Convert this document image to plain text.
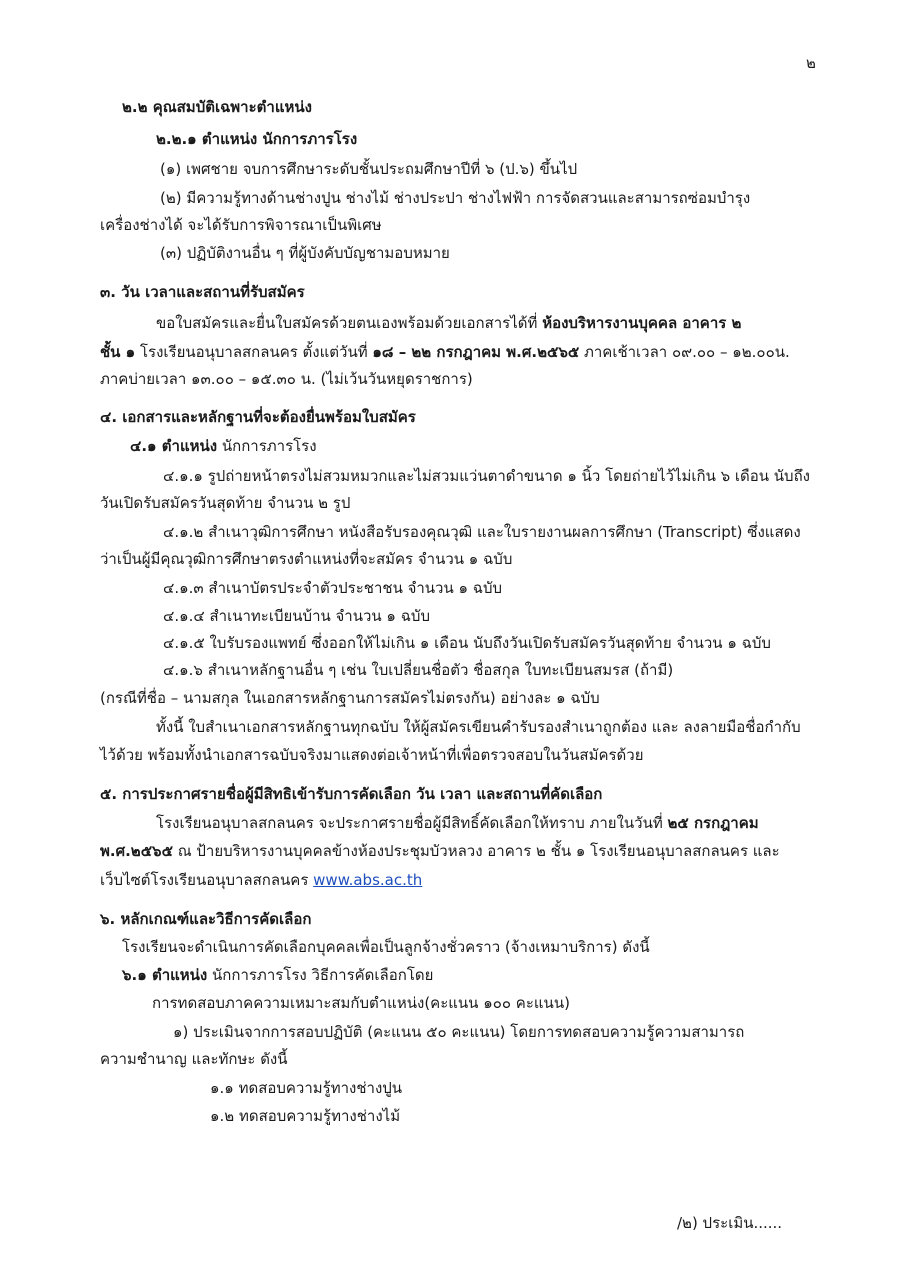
๒

๒.๒ คุณสมบัติเฉพาะตำแหน่ง

๒.๒.๑ ตำแหน่ง นักการภารโรง

(๑) เพศชาย จบการศึกษาระดับชั้นประถมศึกษาปีที่ ๖ (ป.๖) ขึ้นไป

(๒) มีความรู้ทางด้านช่างปูน ช่างไม้ ช่างประปา ช่างไฟฟ้า การจัดสวนและสามารถซ่อมบำรุง

เครื่องช่างได้ จะได้รับการพิจารณาเป็นพิเศษ

(๓) ปฏิบัติงานอื่น ๆ ที่ผู้บังคับบัญชามอบหมาย

๓. วัน เวลาและสถานที่รับสมัคร

ขอใบสมัครและยื่นใบสมัครด้วยตนเองพร้อมด้วยเอกสารได้ที่ ห้องบริหารงานบุคคล อาคาร ๒

ชั้น ๑ โรงเรียนอนุบาลสกลนคร ตั้งแต่วันที่ ๑๘ – ๒๒ กรกฎาคม พ.ศ.๒๕๖๕ ภาคเช้าเวลา ๐๙.๐๐ – ๑๒.๐๐น.

ภาคบ่ายเวลา ๑๓.๐๐ – ๑๕.๓๐ น. (ไม่เว้นวันหยุดราชการ)

๔. เอกสารและหลักฐานที่จะต้องยื่นพร้อมใบสมัคร

๔.๑ ตำแหน่ง นักการภารโรง

๔.๑.๑ รูปถ่ายหน้าตรงไม่สวมหมวกและไม่สวมแว่นตาดำขนาด ๑ นิ้ว โดยถ่ายไว้ไม่เกิน ๖ เดือน นับถึง

วันเปิดรับสมัครวันสุดท้าย จำนวน ๒ รูป

๔.๑.๒ สำเนาวุฒิการศึกษา หนังสือรับรองคุณวุฒิ และใบรายงานผลการศึกษา (Transcript) ซึ่งแสดง

ว่าเป็นผู้มีคุณวุฒิการศึกษาตรงตำแหน่งที่จะสมัคร จำนวน ๑ ฉบับ

๔.๑.๓ สำเนาบัตรประจำตัวประชาชน จำนวน ๑ ฉบับ

๔.๑.๔ สำเนาทะเบียนบ้าน จำนวน ๑ ฉบับ

๔.๑.๕ ใบรับรองแพทย์ ซึ่งออกให้ไม่เกิน ๑ เดือน นับถึงวันเปิดรับสมัครวันสุดท้าย จำนวน ๑ ฉบับ

๔.๑.๖ สำเนาหลักฐานอื่น ๆ เช่น ใบเปลี่ยนชื่อตัว ชื่อสกุล ใบทะเบียนสมรส (ถ้ามี)

(กรณีที่ชื่อ – นามสกุล ในเอกสารหลักฐานการสมัครไม่ตรงกัน) อย่างละ ๑ ฉบับ

ทั้งนี้ ใบสำเนาเอกสารหลักฐานทุกฉบับ ให้ผู้สมัครเขียนคำรับรองสำเนาถูกต้อง และ ลงลายมือชื่อกำกับ

ไว้ด้วย พร้อมทั้งนำเอกสารฉบับจริงมาแสดงต่อเจ้าหน้าที่เพื่อตรวจสอบในวันสมัครด้วย

๕. การประกาศรายชื่อผู้มีสิทธิเข้ารับการคัดเลือก วัน เวลา และสถานที่คัดเลือก

โรงเรียนอนุบาลสกลนคร จะประกาศรายชื่อผู้มีสิทธิ์คัดเลือกให้ทราบ ภายในวันที่ ๒๕ กรกฎาคม

พ.ศ.๒๕๖๕ ณ ป้ายบริหารงานบุคคลข้างห้องประชุมบัวหลวง อาคาร ๒ ชั้น ๑ โรงเรียนอนุบาลสกลนคร และ

เว็บไซต์โรงเรียนอนุบาลสกลนคร www.abs.ac.th

๖. หลักเกณฑ์และวิธีการคัดเลือก

โรงเรียนจะดำเนินการคัดเลือกบุคคลเพื่อเป็นลูกจ้างชั่วคราว (จ้างเหมาบริการ) ดังนี้

๖.๑ ตำแหน่ง นักการภารโรง วิธีการคัดเลือกโดย

การทดสอบภาคความเหมาะสมกับตำแหน่ง(คะแนน ๑๐๐ คะแนน)

๑) ประเมินจากการสอบปฏิบัติ (คะแนน ๕๐ คะแนน) โดยการทดสอบความรู้ความสามารถ

ความชำนาญ และทักษะ ดังนี้

๑.๑ ทดสอบความรู้ทางช่างปูน

๑.๒ ทดสอบความรู้ทางช่างไม้

/๒) ประเมิน......
